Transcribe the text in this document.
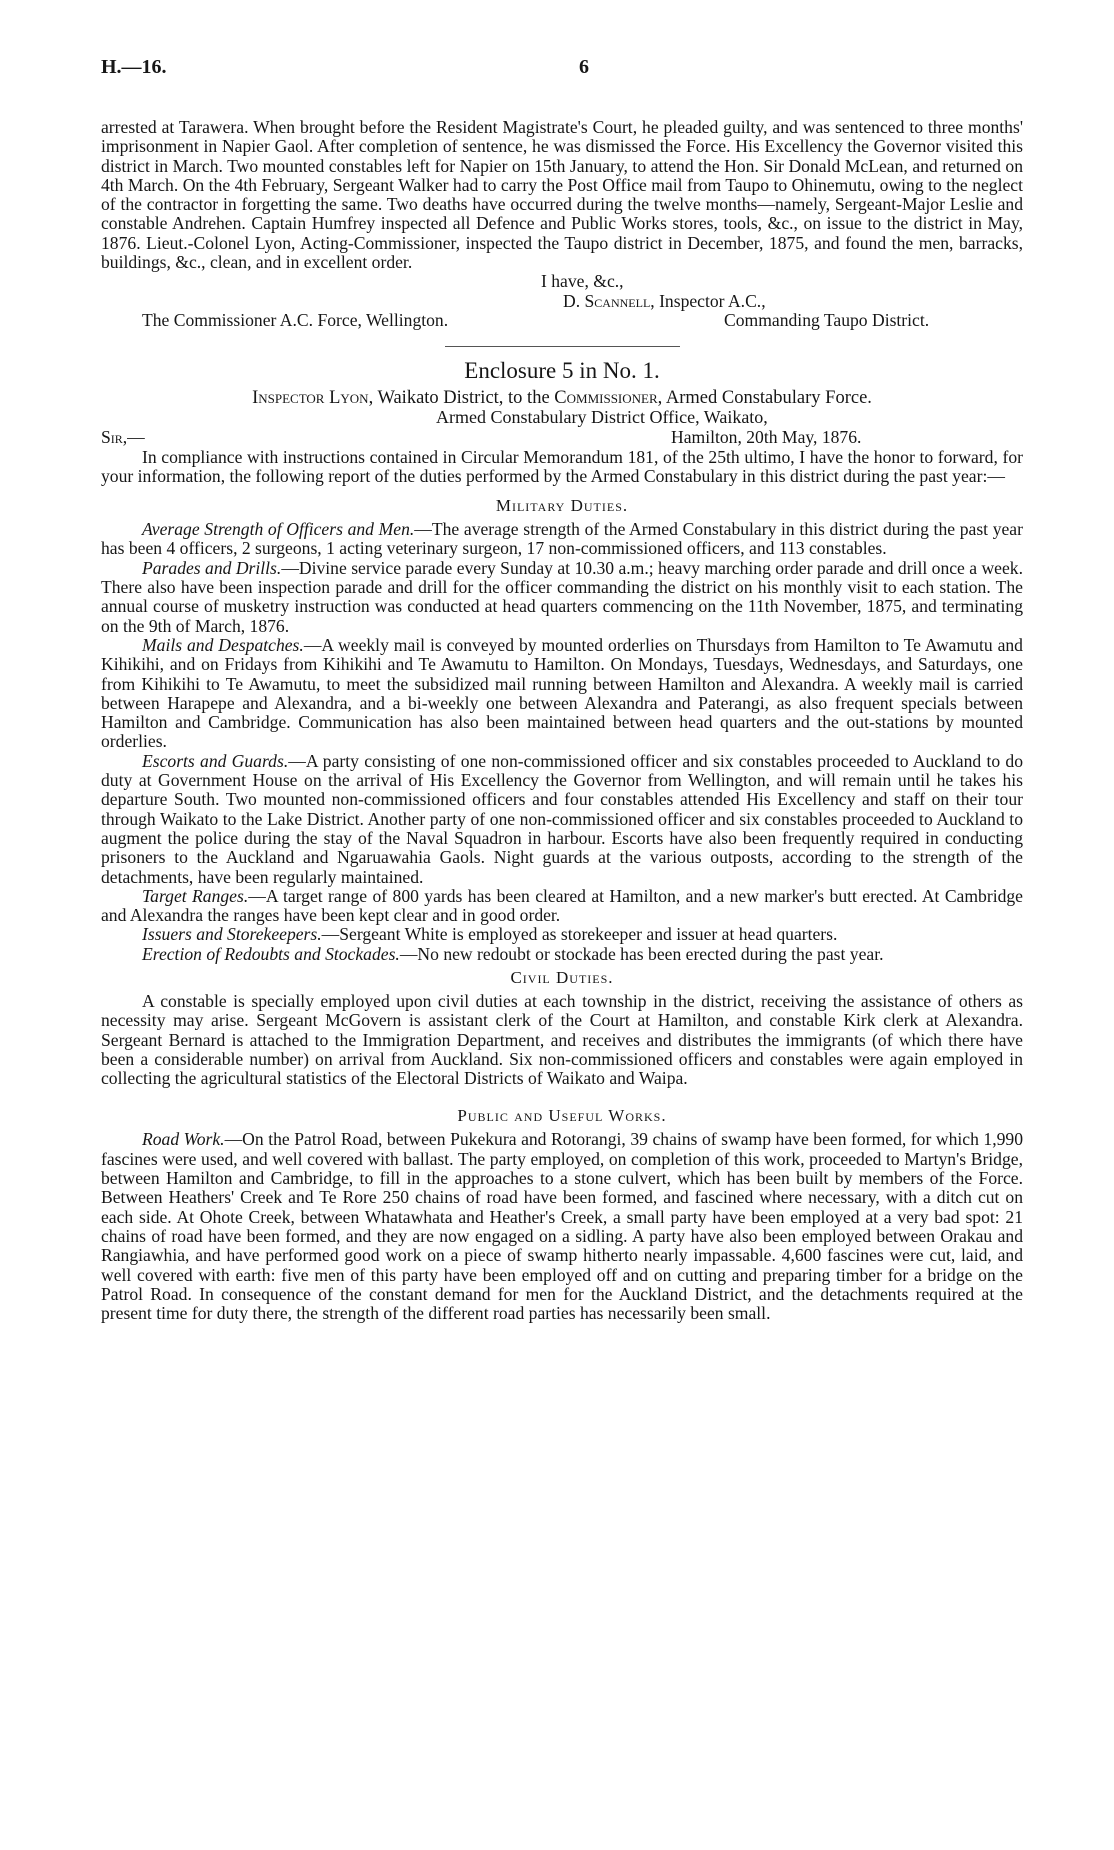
H.—16.	6

arrested at Tarawera. When brought before the Resident Magistrate's Court, he pleaded guilty, and was sentenced to three months' imprisonment in Napier Gaol. After completion of sentence, he was dismissed the Force. His Excellency the Governor visited this district in March. Two mounted constables left for Napier on 15th January, to attend the Hon. Sir Donald McLean, and returned on 4th March. On the 4th February, Sergeant Walker had to carry the Post Office mail from Taupo to Ohinemutu, owing to the neglect of the contractor in forgetting the same. Two deaths have occurred during the twelve months—namely, Sergeant-Major Leslie and constable Andrehen. Captain Humfrey inspected all Defence and Public Works stores, tools, &c., on issue to the district in May, 1876. Lieut.-Colonel Lyon, Acting-Commissioner, inspected the Taupo district in December, 1875, and found the men, barracks, buildings, &c., clean, and in excellent order.

I have, &c.,
D. Scannell, Inspector A.C.,
The Commissioner A.C. Force, Wellington.	Commanding Taupo District.
Enclosure 5 in No. 1.
Inspector Lyon, Waikato District, to the Commissioner, Armed Constabulary Force.
Armed Constabulary District Office, Waikato,
Sir,—	Hamilton, 20th May, 1876.

In compliance with instructions contained in Circular Memorandum 181, of the 25th ultimo, I have the honor to forward, for your information, the following report of the duties performed by the Armed Constabulary in this district during the past year:—

Military Duties.

Average Strength of Officers and Men.—The average strength of the Armed Constabulary in this district during the past year has been 4 officers, 2 surgeons, 1 acting veterinary surgeon, 17 non-commissioned officers, and 113 constables.

Parades and Drills.—Divine service parade every Sunday at 10.30 a.m.; heavy marching order parade and drill once a week. There also have been inspection parade and drill for the officer commanding the district on his monthly visit to each station. The annual course of musketry instruction was conducted at head quarters commencing on the 11th November, 1875, and terminating on the 9th of March, 1876.

Mails and Despatches.—A weekly mail is conveyed by mounted orderlies on Thursdays from Hamilton to Te Awamutu and Kihikihi, and on Fridays from Kihikihi and Te Awamutu to Hamilton. On Mondays, Tuesdays, Wednesdays, and Saturdays, one from Kihikihi to Te Awamutu, to meet the subsidized mail running between Hamilton and Alexandra. A weekly mail is carried between Harapepe and Alexandra, and a bi-weekly one between Alexandra and Paterangi, as also frequent specials between Hamilton and Cambridge. Communication has also been maintained between head quarters and the out-stations by mounted orderlies.

Escorts and Guards.—A party consisting of one non-commissioned officer and six constables proceeded to Auckland to do duty at Government House on the arrival of His Excellency the Governor from Wellington, and will remain until he takes his departure South. Two mounted non-commissioned officers and four constables attended His Excellency and staff on their tour through Waikato to the Lake District. Another party of one non-commissioned officer and six constables proceeded to Auckland to augment the police during the stay of the Naval Squadron in harbour. Escorts have also been frequently required in conducting prisoners to the Auckland and Ngaruawahia Gaols. Night guards at the various outposts, according to the strength of the detachments, have been regularly maintained.

Target Ranges.—A target range of 800 yards has been cleared at Hamilton, and a new marker's butt erected. At Cambridge and Alexandra the ranges have been kept clear and in good order.

Issuers and Storekeepers.—Sergeant White is employed as storekeeper and issuer at head quarters.

Erection of Redoubts and Stockades.—No new redoubt or stockade has been erected during the past year.

Civil Duties.

A constable is specially employed upon civil duties at each township in the district, receiving the assistance of others as necessity may arise. Sergeant McGovern is assistant clerk of the Court at Hamilton, and constable Kirk clerk at Alexandra. Sergeant Bernard is attached to the Immigration Department, and receives and distributes the immigrants (of which there have been a considerable number) on arrival from Auckland. Six non-commissioned officers and constables were again employed in collecting the agricultural statistics of the Electoral Districts of Waikato and Waipa.

Public and Useful Works.

Road Work.—On the Patrol Road, between Pukekura and Rotorangi, 39 chains of swamp have been formed, for which 1,990 fascines were used, and well covered with ballast. The party employed, on completion of this work, proceeded to Martyn's Bridge, between Hamilton and Cambridge, to fill in the approaches to a stone culvert, which has been built by members of the Force. Between Heathers' Creek and Te Rore 250 chains of road have been formed, and fascined where necessary, with a ditch cut on each side. At Ohote Creek, between Whatawhata and Heather's Creek, a small party have been employed at a very bad spot: 21 chains of road have been formed, and they are now engaged on a sidling. A party have also been employed between Orakau and Rangiawhia, and have performed good work on a piece of swamp hitherto nearly impassable. 4,600 fascines were cut, laid, and well covered with earth: five men of this party have been employed off and on cutting and preparing timber for a bridge on the Patrol Road. In consequence of the constant demand for men for the Auckland District, and the detachments required at the present time for duty there, the strength of the different road parties has necessarily been small.
